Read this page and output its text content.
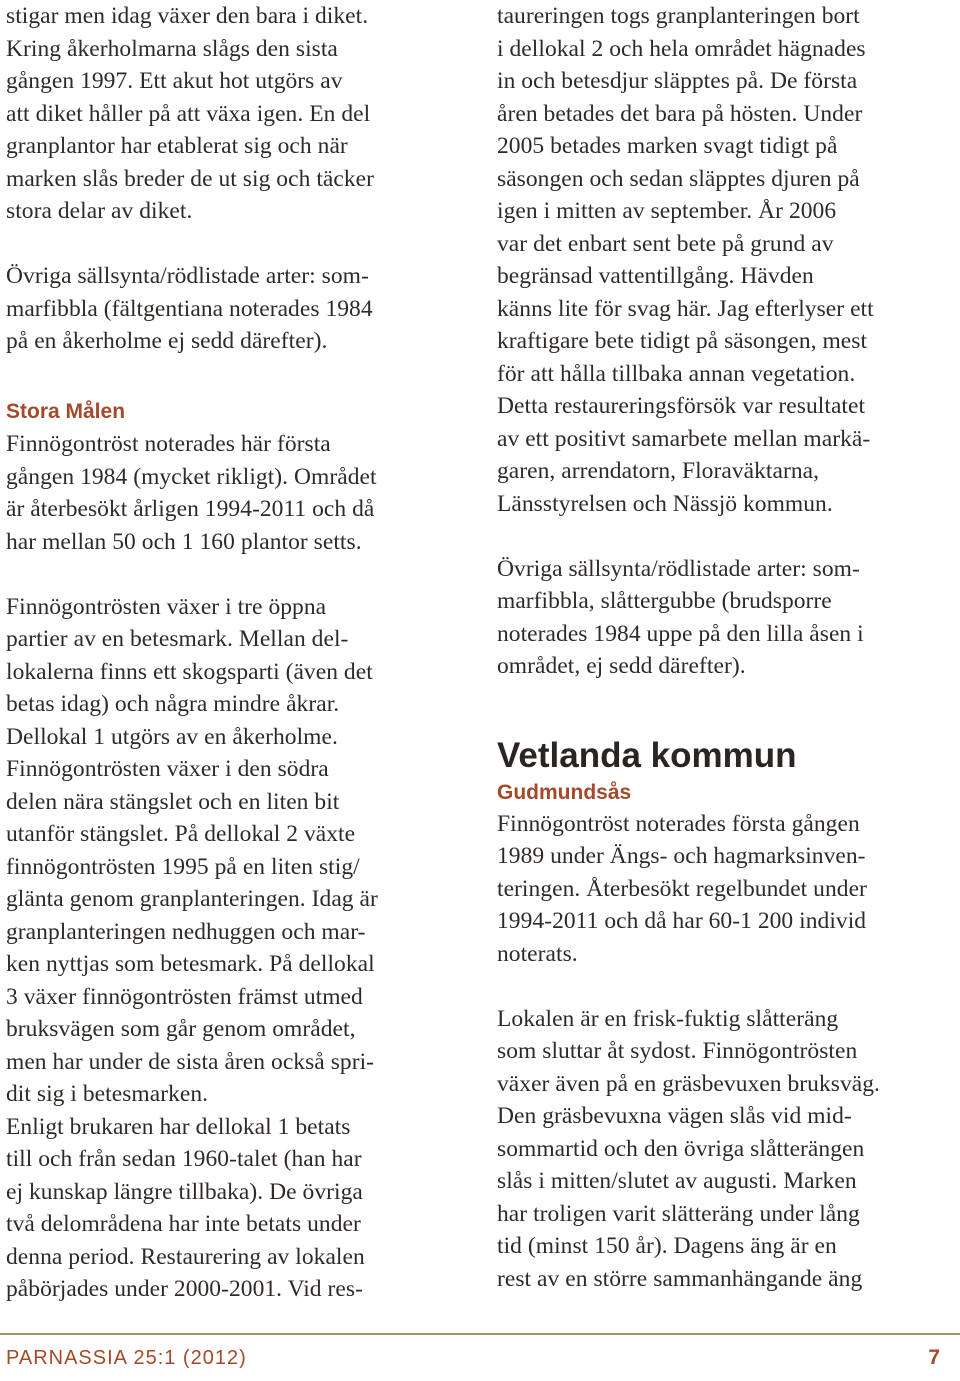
stigar men idag växer den bara i diket.
Kring åkerholmarna slågs den sista
gången 1997. Ett akut hot utgörs av
att diket håller på att växa igen. En del
granplantor har etablerat sig och när
marken slås breder de ut sig och täcker
stora delar av diket.
Övriga sällsynta/rödlistade arter: som-
marfibbla (fältgentiana noterades 1984
på en åkerholme ej sedd därefter).
Stora Målen
Finnögontröst noterades här första
gången 1984 (mycket rikligt). Området
är återbesökt årligen 1994-2011 och då
har mellan 50 och 1 160 plantor setts.
Finnögontrösten växer i tre öppna
partier av en betesmark. Mellan del-
lokalerna finns ett skogsparti (även det
betas idag) och några mindre åkrar.
Dellokal 1 utgörs av en åkerholme.
Finnögontrösten växer i den södra
delen nära stängslet och en liten bit
utanför stängslet. På dellokal 2 växte
finnögontrösten 1995 på en liten stig/
glänta genom granplanteringen. Idag är
granplanteringen nedhuggen och mar-
ken nyttjas som betesmark. På dellokal
3 växer finnögontrösten främst utmed
bruksvägen som går genom området,
men har under de sista åren också spri-
dit sig i betesmarken.
Enligt brukaren har dellokal 1 betats
till och från sedan 1960-talet (han har
ej kunskap längre tillbaka). De övriga
två delområdena har inte betats under
denna period. Restaurering av lokalen
påbörjades under 2000-2001. Vid res-
taureringen togs granplanteringen bort
i dellokal 2 och hela området hägnades
in och betesdjur släpptes på. De första
åren betades det bara på hösten. Under
2005 betades marken svagt tidigt på
säsongen och sedan släpptes djuren på
igen i mitten av september. År 2006
var det enbart sent bete på grund av
begränsad vattentillgång. Hävden
känns lite för svag här. Jag efterlyser ett
kraftigare bete tidigt på säsongen, mest
för att hålla tillbaka annan vegetation.
Detta restaureringsförsök var resultatet
av ett positivt samarbete mellan markä-
garen, arrendatorn, Floraväktarna,
Länsstyrelsen och Nässjö kommun.
Övriga sällsynta/rödlistade arter: som-
marfibbla, slåttergubbe (brudsporre
noterades 1984 uppe på den lilla åsen i
området, ej sedd därefter).
Vetlanda kommun
Gudmundsås
Finnögontröst noterades första gången
1989 under Ängs- och hagmarksinven-
teringen. Återbesökt regelbundet under
1994-2011 och då har 60-1 200 individ
noterats.
Lokalen är en frisk-fuktig slåtteräng
som sluttar åt sydost. Finnögontrösten
växer även på en gräsbevuxen bruksväg.
Den gräsbevuxna vägen slås vid mid-
sommartid och den övriga slåtterängen
slås i mitten/slutet av augusti. Marken
har troligen varit slätteräng under lång
tid (minst 150 år). Dagens äng är en
rest av en större sammanhängande äng
PARNASSIA 25:1 (2012)	7
